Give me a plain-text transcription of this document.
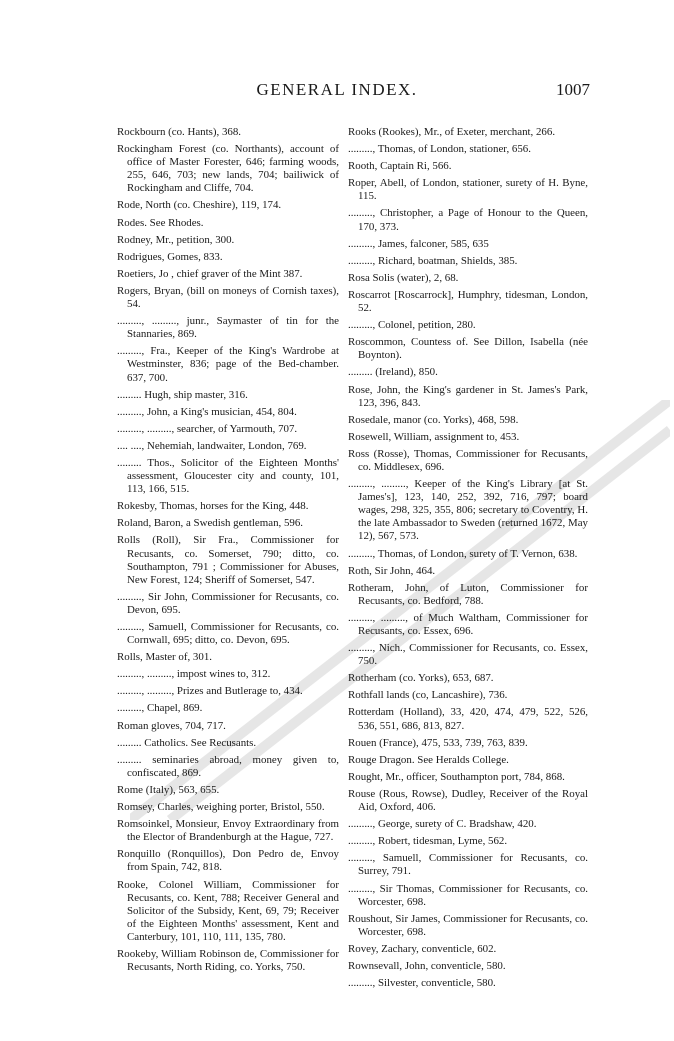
GENERAL INDEX.	1007
Rockbourn (co. Hants), 368.
Rockingham Forest (co. Northants), account of office of Master Forester, 646; farming woods, 255, 646, 703; new lands, 704; bailiwick of Rockingham and Cliffe, 704.
Rode, North (co. Cheshire), 119, 174.
Rodes. See Rhodes.
Rodney, Mr., petition, 300.
Rodrigues, Gomes, 833.
Roetiers, Jo , chief graver of the Mint 387.
Rogers, Bryan, (bill on moneys of Cornish taxes), 54.
........., ........., junr., Saymaster of tin for the Stannaries, 869.
........., Fra., Keeper of the King's Wardrobe at Westminster, 836; page of the Bed-chamber. 637, 700.
......... Hugh, ship master, 316.
........., John, a King's musician, 454, 804.
........., ........., searcher, of Yarmouth, 707.
.... ...., Nehemiah, landwaiter, London, 769.
......... Thos., Solicitor of the Eighteen Months' assessment, Gloucester city and county, 101, 113, 166, 515.
Rokesby, Thomas, horses for the King, 448.
Roland, Baron, a Swedish gentleman, 596.
Rolls (Roll), Sir Fra., Commissioner for Recusants, co. Somerset, 790; ditto, co. Southampton, 791 ; Commissioner for Abuses, New Forest, 124; Sheriff of Somerset, 547.
........., Sir John, Commissioner for Recusants, co. Devon, 695.
........., Samuell, Commissioner for Recusants, co. Cornwall, 695; ditto, co. Devon, 695.
Rolls, Master of, 301.
........., ........., impost wines to, 312.
........., ........., Prizes and Butlerage to, 434.
........., Chapel, 869.
Roman gloves, 704, 717.
......... Catholics. See Recusants.
......... seminaries abroad, money given to, confiscated, 869.
Rome (Italy), 563, 655.
Romsey, Charles, weighing porter, Bristol, 550.
Romsoinkel, Monsieur, Envoy Extraordinary from the Elector of Brandenburgh at the Hague, 727.
Ronquillo (Ronquillos), Don Pedro de, Envoy from Spain, 742, 818.
Rooke, Colonel William, Commissioner for Recusants, co. Kent, 788; Receiver General and Solicitor of the Subsidy, Kent, 69, 79; Receiver of the Eighteen Months' assessment, Kent and Canterbury, 101, 110, 111, 135, 780.
Rookeby, William Robinson de, Commissioner for Recusants, North Riding, co. Yorks, 750.
Rooks (Rookes), Mr., of Exeter, merchant, 266.
........., Thomas, of London, stationer, 656.
Rooth, Captain Ri, 566.
Roper, Abell, of London, stationer, surety of H. Byne, 115.
........., Christopher, a Page of Honour to the Queen, 170, 373.
........., James, falconer, 585, 635
........., Richard, boatman, Shields, 385.
Rosa Solis (water), 2, 68.
Roscarrot [Roscarrock], Humphry, tidesman, London, 52.
........., Colonel, petition, 280.
Roscommon, Countess of. See Dillon, Isabella (née Boynton).
......... (Ireland), 850.
Rose, John, the King's gardener in St. James's Park, 123, 396, 843.
Rosedale, manor (co. Yorks), 468, 598.
Rosewell, William, assignment to, 453.
Ross (Rosse), Thomas, Commissioner for Recusants, co. Middlesex, 696.
........., ........., Keeper of the King's Library [at St. James's], 123, 140, 252, 392, 716, 797; board wages, 298, 325, 355, 806; secretary to Coventry, H. the late Ambassador to Sweden (returned 1672, May 12), 567, 573.
........., Thomas, of London, surety of T. Vernon, 638.
Roth, Sir John, 464.
Rotheram, John, of Luton, Commissioner for Recusants, co. Bedford, 788.
........., ........., of Much Waltham, Commissioner for Recusants, co. Essex, 696.
........., Nich., Commissioner for Recusants, co. Essex, 750.
Rotherham (co. Yorks), 653, 687.
Rothfall lands (co, Lancashire), 736.
Rotterdam (Holland), 33, 420, 474, 479, 522, 526, 536, 551, 686, 813, 827.
Rouen (France), 475, 533, 739, 763, 839.
Rouge Dragon. See Heralds College.
Rought, Mr., officer, Southampton port, 784, 868.
Rouse (Rous, Rowse), Dudley, Receiver of the Royal Aid, Oxford, 406.
........., George, surety of C. Bradshaw, 420.
........., Robert, tidesman, Lyme, 562.
........., Samuell, Commissioner for Recusants, co. Surrey, 791.
........., Sir Thomas, Commissioner for Recusants, co. Worcester, 698.
Roushout, Sir James, Commissioner for Recusants, co. Worcester, 698.
Rovey, Zachary, conventicle, 602.
Rownsevall, John, conventicle, 580.
........., Silvester, conventicle, 580.
